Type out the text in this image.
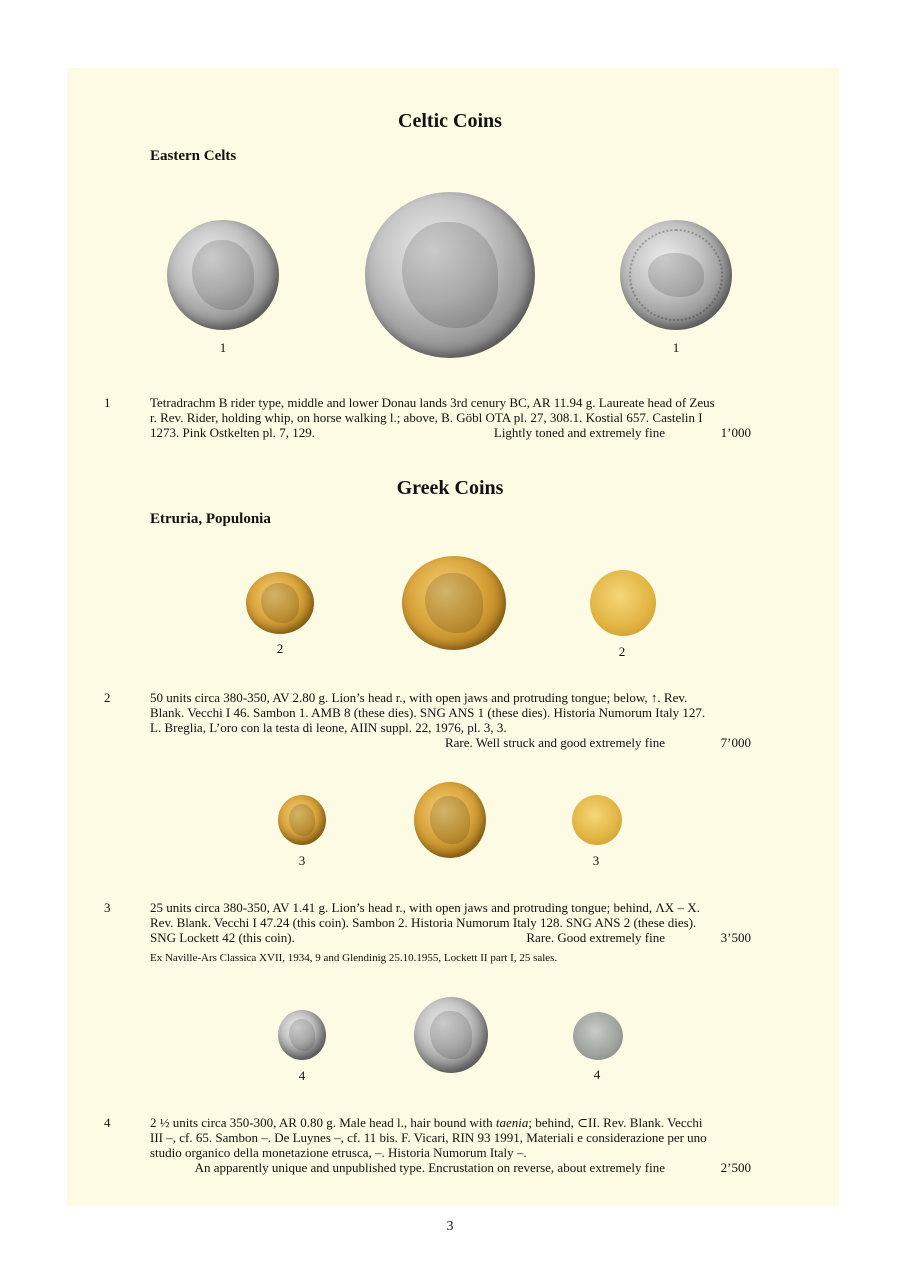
Celtic Coins
Eastern Celts
1	1
1	Tetradrachm B rider type, middle and lower Donau lands 3rd cenury BC, AR 11.94 g. Laureate head of Zeus
r. Rev. Rider, holding whip, on horse walking l.; above, B. Göbl OTA pl. 27, 308.1. Kostial 657. Castelin I
1273. Pink Ostkelten pl. 7, 129.	Lightly toned and extremely fine	1’000
Greek Coins
Etruria, Populonia
2	2
2	50 units circa 380-350, AV 2.80 g. Lion’s head r., with open jaws and protruding tongue; below, ↑. Rev.
Blank. Vecchi I 46. Sambon 1. AMB 8 (these dies). SNG ANS 1 (these dies). Historia Numorum Italy 127.
L. Breglia, L’oro con la testa di leone, AIIN suppl. 22, 1976, pl. 3, 3.
Rare. Well struck and good extremely fine	7’000
3	3
3	25 units circa 380-350, AV 1.41 g. Lion’s head r., with open jaws and protruding tongue; behind, ΛX – X.
Rev. Blank. Vecchi I 47.24 (this coin). Sambon 2. Historia Numorum Italy 128. SNG ANS 2 (these dies).
SNG Lockett 42 (this coin).	Rare. Good extremely fine	3’500
Ex Naville-Ars Classica XVII, 1934, 9 and Glendinig 25.10.1955, Lockett II part I, 25 sales.
4	4
4	2 ½ units circa 350-300, AR 0.80 g. Male head l., hair bound with taenia; behind, ⊂II. Rev. Blank. Vecchi
III –, cf. 65. Sambon –. De Luynes –, cf. 11 bis. F. Vicari, RIN 93 1991, Materiali e considerazione per uno
studio organico della monetazione etrusca, –. Historia Numorum Italy –.
An apparently unique and unpublished type. Encrustation on reverse, about extremely fine	2’500
3
